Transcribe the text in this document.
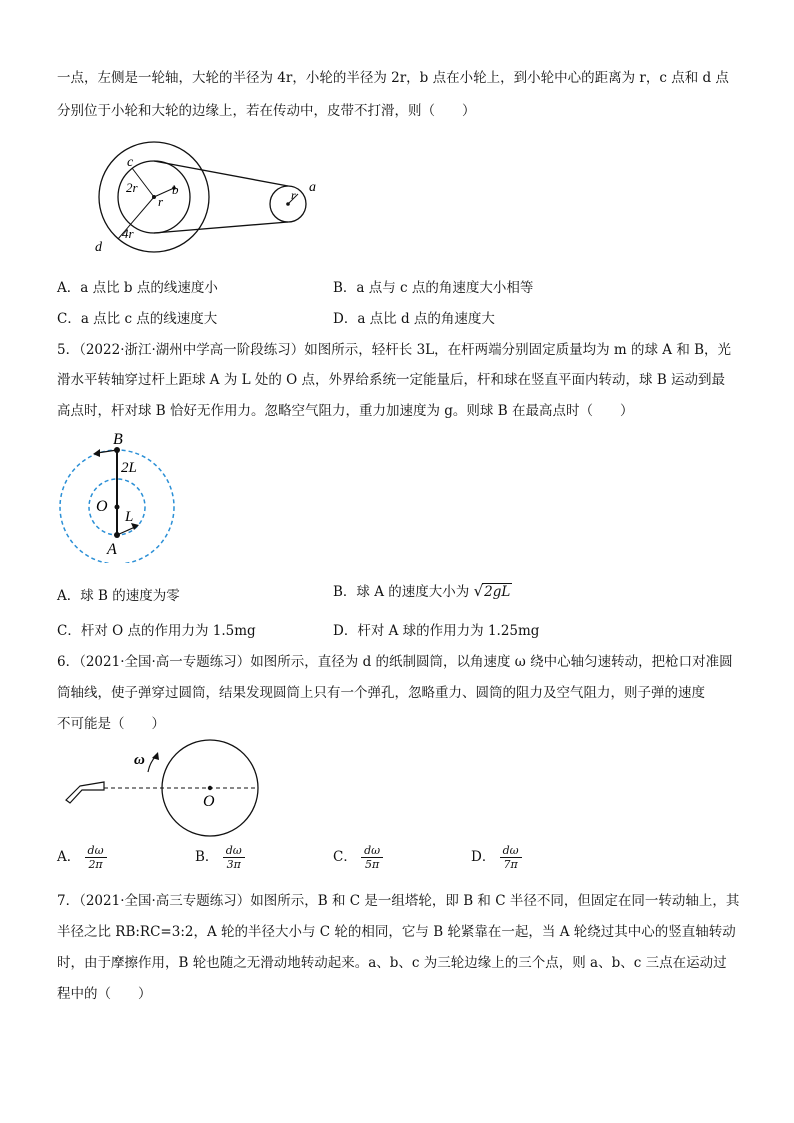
一点，左侧是一轮轴，大轮的半径为 4r，小轮的半径为 2r，b 点在小轮上，到小轮中心的距离为 r，c 点和 d 点
分别位于小轮和大轮的边缘上，若在传动中，皮带不打滑，则（　　）
c
2r	b
r
4r
d
r a
A．a 点比 b 点的线速度小	B．a 点与 c 点的角速度大小相等
C．a 点比 c 点的线速度大	D．a 点比 d 点的角速度大
5．（2022·浙江·湖州中学高一阶段练习）如图所示，轻杆长 3L，在杆两端分别固定质量均为 m 的球 A 和 B，光
滑水平转轴穿过杆上距球 A 为 L 处的 O 点，外界给系统一定能量后，杆和球在竖直平面内转动，球 B 运动到最
高点时，杆对球 B 恰好无作用力。忽略空气阻力，重力加速度为 g。则球 B 在最高点时（　　）
B
2L
O
L
A
A．球 B 的速度为零	B．球 A 的速度大小为 √2gL
C．杆对 O 点的作用力为 1.5mg	D．杆对 A 球的作用力为 1.25mg
6．（2021·全国·高一专题练习）如图所示，直径为 d 的纸制圆筒，以角速度 ω 绕中心轴匀速转动，把枪口对准圆
筒轴线，使子弹穿过圆筒，结果发现圆筒上只有一个弹孔，忽略重力、圆筒的阻力及空气阻力，则子弹的速度
不可能是（　　）
ω
O
A． $\frac{d\omega}{2\pi}$	B． $\frac{d\omega}{3\pi}$	C． $\frac{d\omega}{5\pi}$	D． $\frac{d\omega}{7\pi}$
7．（2021·全国·高三专题练习）如图所示，B 和 C 是一组塔轮，即 B 和 C 半径不同，但固定在同一转动轴上，其
半径之比 RB:RC=3:2，A 轮的半径大小与 C 轮的相同，它与 B 轮紧靠在一起，当 A 轮绕过其中心的竖直轴转动
时，由于摩擦作用，B 轮也随之无滑动地转动起来。a、b、c 为三轮边缘上的三个点，则 a、b、c 三点在运动过
程中的（　　）
